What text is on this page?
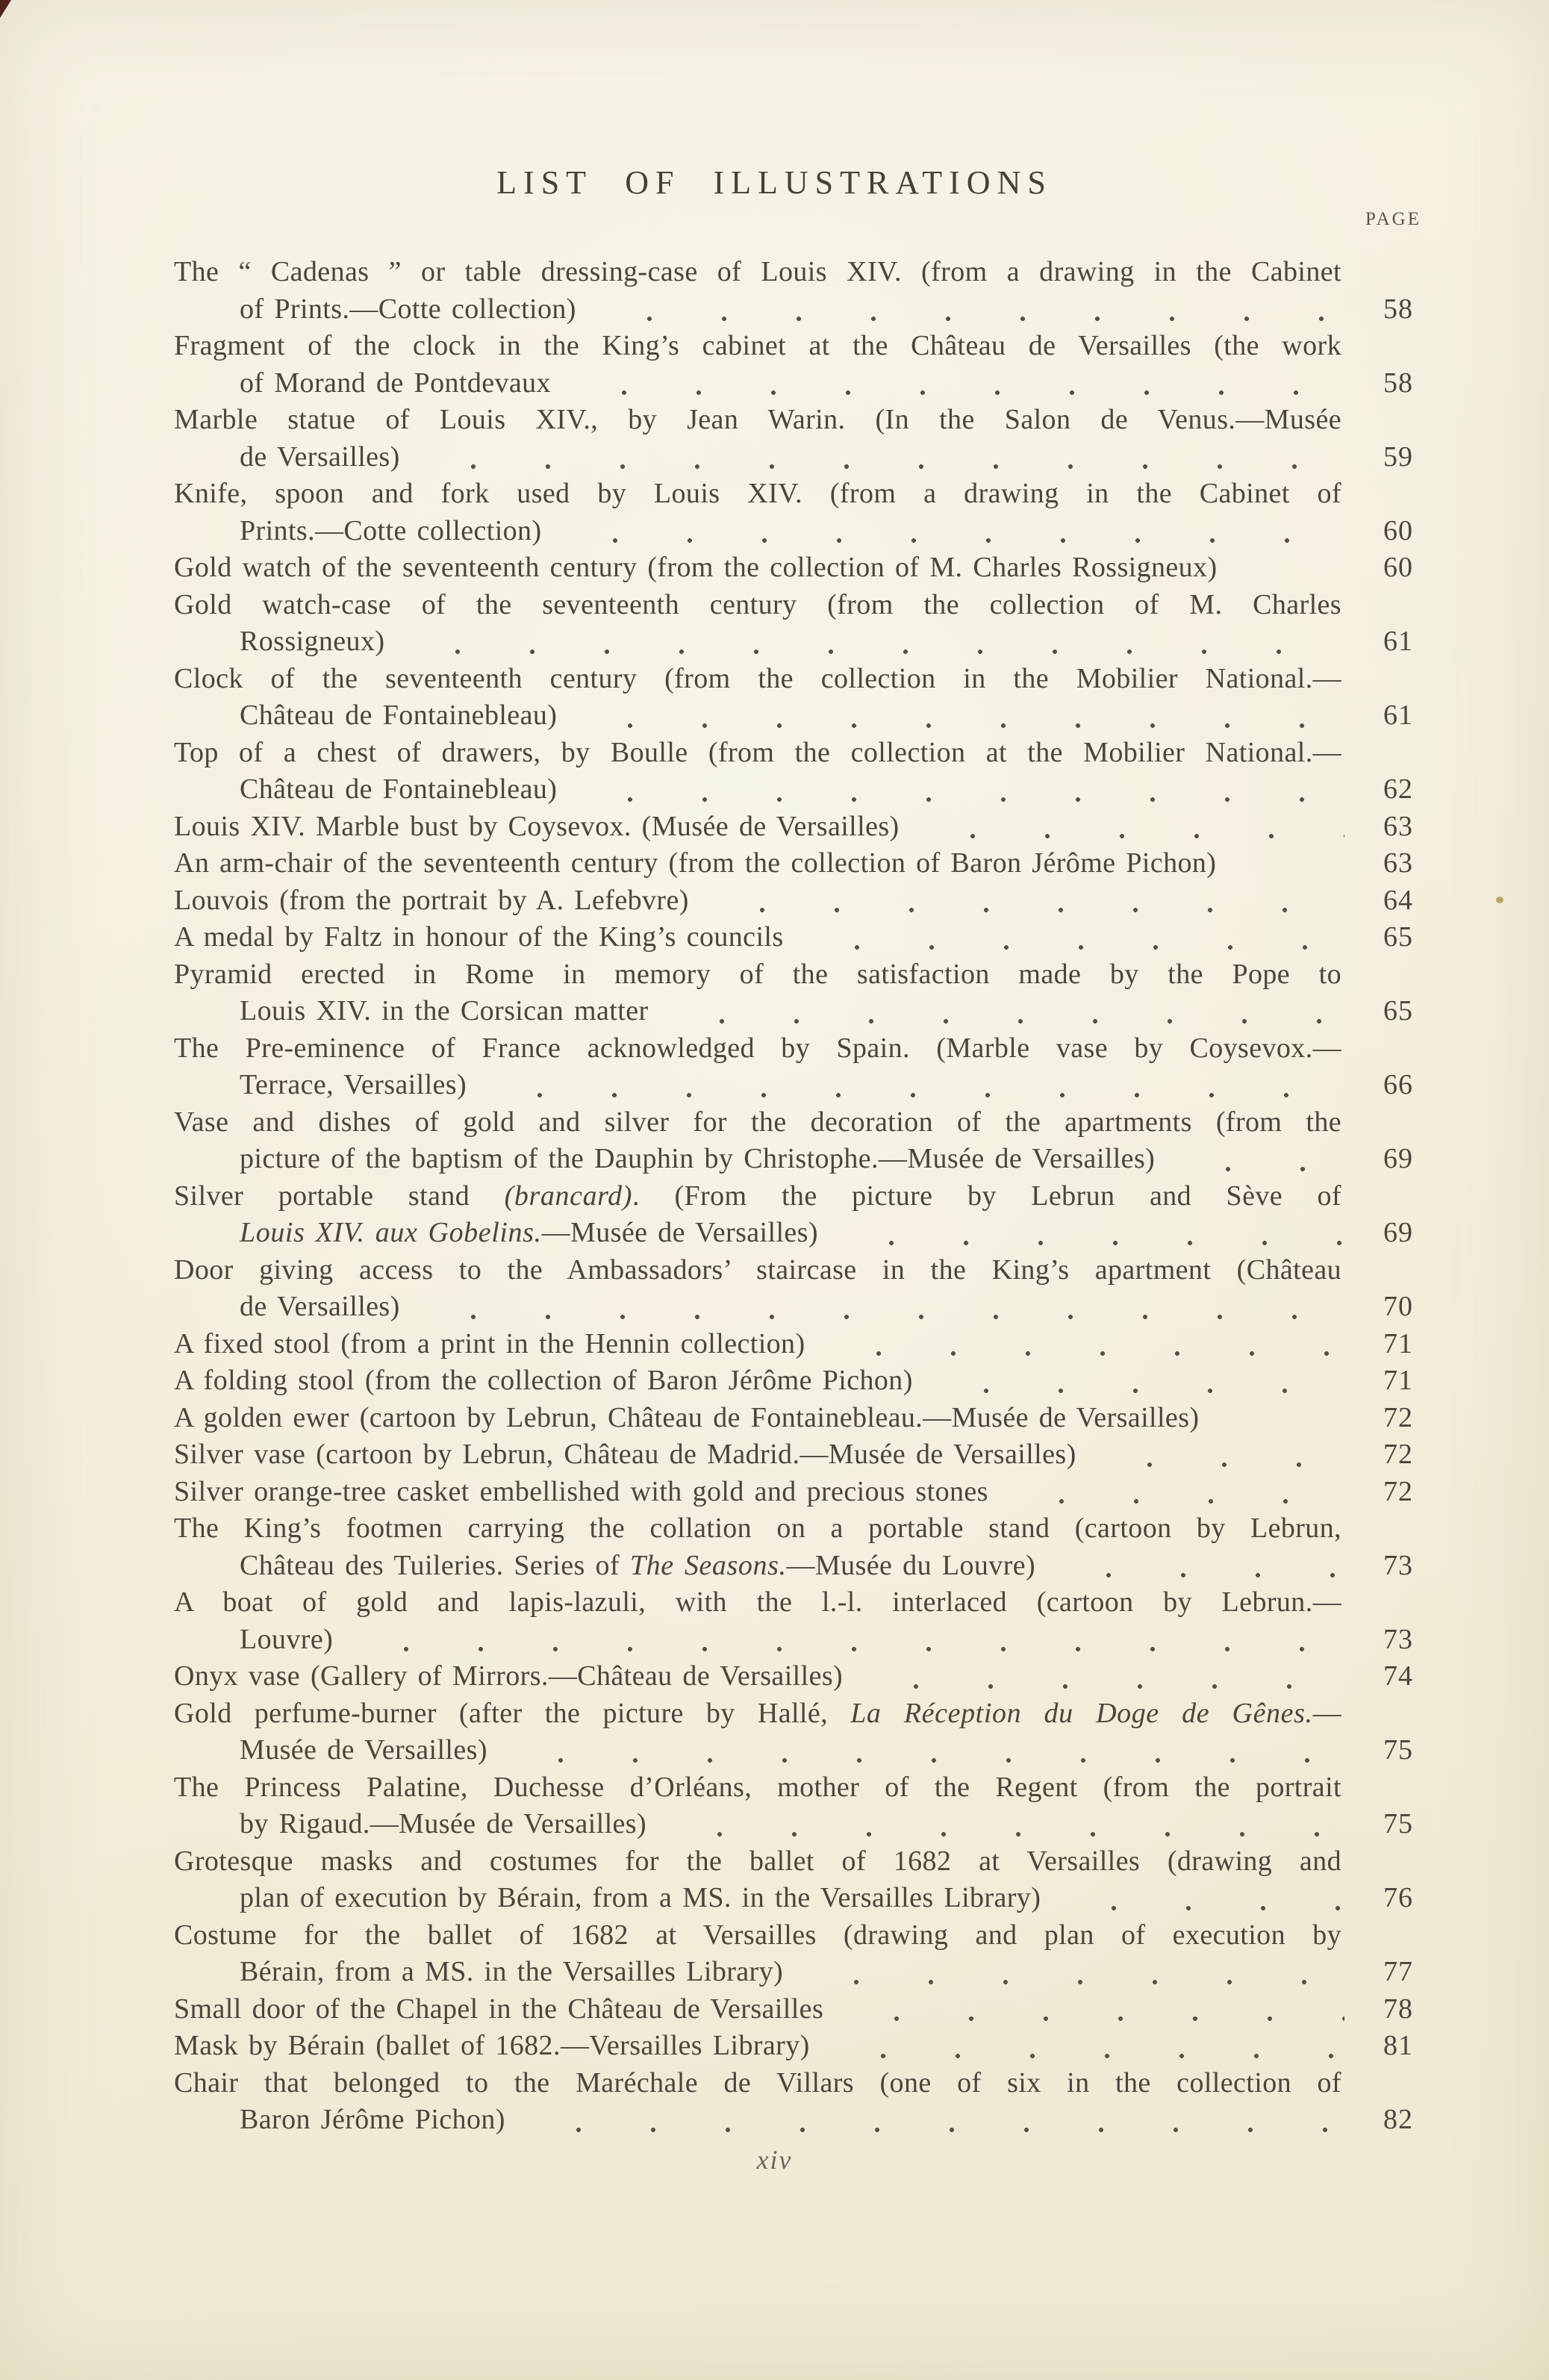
LIST OF ILLUSTRATIONS
PAGE
The “ Cadenas ” or table dressing-case of Louis XIV. (from a drawing in the Cabinet
of Prints.—Cotte collection)	58
Fragment of the clock in the King’s cabinet at the Château de Versailles (the work
of Morand de Pontdevaux	58
Marble statue of Louis XIV., by Jean Warin. (In the Salon de Venus.—Musée
de Versailles)	59
Knife, spoon and fork used by Louis XIV. (from a drawing in the Cabinet of
Prints.—Cotte collection)	60
Gold watch of the seventeenth century (from the collection of M. Charles Rossigneux)	60
Gold watch-case of the seventeenth century (from the collection of M. Charles
Rossigneux)	61
Clock of the seventeenth century (from the collection in the Mobilier National.—
Château de Fontainebleau)	61
Top of a chest of drawers, by Boulle (from the collection at the Mobilier National.—
Château de Fontainebleau)	62
Louis XIV. Marble bust by Coysevox. (Musée de Versailles)	63
An arm-chair of the seventeenth century (from the collection of Baron Jérôme Pichon)	63
Louvois (from the portrait by A. Lefebvre)	64
A medal by Faltz in honour of the King’s councils	65
Pyramid erected in Rome in memory of the satisfaction made by the Pope to
Louis XIV. in the Corsican matter	65
The Pre-eminence of France acknowledged by Spain. (Marble vase by Coysevox.—
Terrace, Versailles)	66
Vase and dishes of gold and silver for the decoration of the apartments (from the
picture of the baptism of the Dauphin by Christophe.—Musée de Versailles)	69
Silver portable stand (brancard). (From the picture by Lebrun and Sève of
Louis XIV. aux Gobelins.—Musée de Versailles)	69
Door giving access to the Ambassadors’ staircase in the King’s apartment (Château
de Versailles)	70
A fixed stool (from a print in the Hennin collection)	71
A folding stool (from the collection of Baron Jérôme Pichon)	71
A golden ewer (cartoon by Lebrun, Château de Fontainebleau.—Musée de Versailles)	72
Silver vase (cartoon by Lebrun, Château de Madrid.—Musée de Versailles)	72
Silver orange-tree casket embellished with gold and precious stones	72
The King’s footmen carrying the collation on a portable stand (cartoon by Lebrun,
Château des Tuileries. Series of The Seasons.—Musée du Louvre)	73
A boat of gold and lapis-lazuli, with the l.-l. interlaced (cartoon by Lebrun.—
Louvre)	73
Onyx vase (Gallery of Mirrors.—Château de Versailles)	74
Gold perfume-burner (after the picture by Hallé, La Réception du Doge de Gênes.—
Musée de Versailles)	75
The Princess Palatine, Duchesse d’Orléans, mother of the Regent (from the portrait
by Rigaud.—Musée de Versailles)	75
Grotesque masks and costumes for the ballet of 1682 at Versailles (drawing and
plan of execution by Bérain, from a MS. in the Versailles Library)	76
Costume for the ballet of 1682 at Versailles (drawing and plan of execution by
Bérain, from a MS. in the Versailles Library)	77
Small door of the Chapel in the Château de Versailles	78
Mask by Bérain (ballet of 1682.—Versailles Library)	81
Chair that belonged to the Maréchale de Villars (one of six in the collection of
Baron Jérôme Pichon)	82
xiv
